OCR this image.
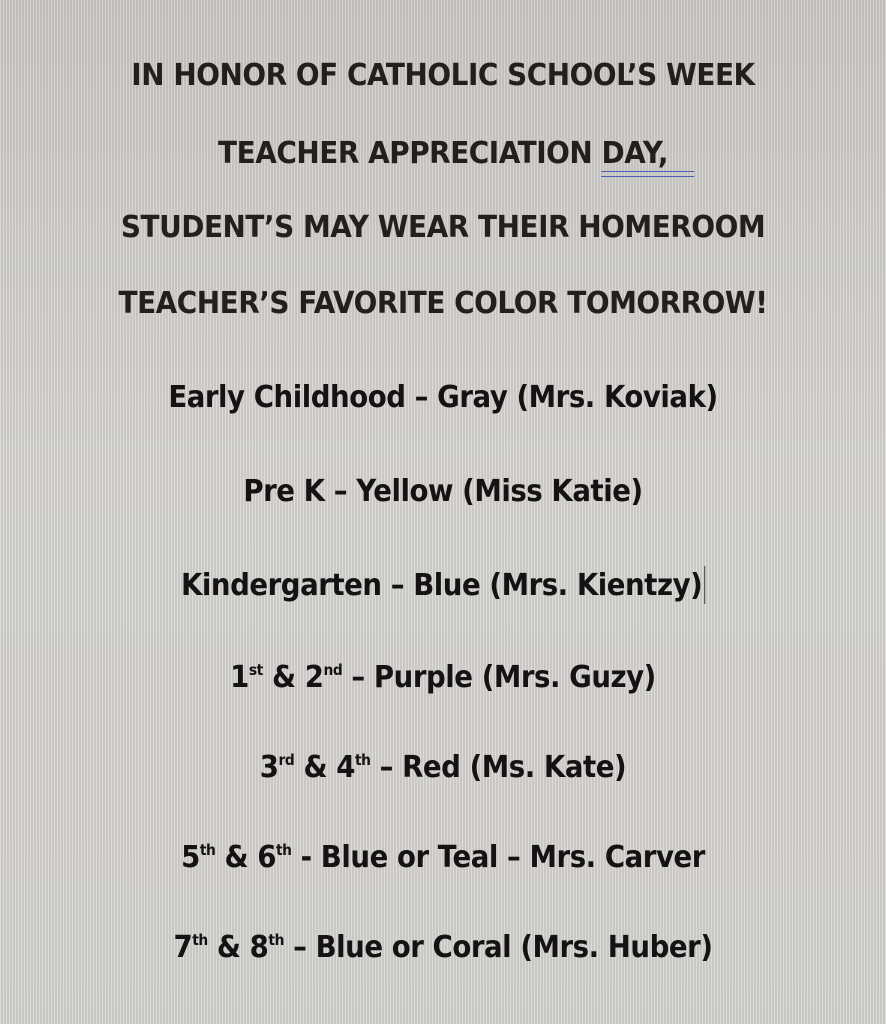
IN HONOR OF CATHOLIC SCHOOL’S WEEK
TEACHER APPRECIATION DAY,
STUDENT’S MAY WEAR THEIR HOMEROOM
TEACHER’S FAVORITE COLOR TOMORROW!
Early Childhood – Gray (Mrs. Koviak)
Pre K – Yellow (Miss Katie)
Kindergarten – Blue (Mrs. Kientzy)
1st & 2nd – Purple (Mrs. Guzy)
3rd & 4th – Red (Ms. Kate)
5th & 6th - Blue or Teal – Mrs. Carver
7th & 8th – Blue or Coral (Mrs. Huber)
